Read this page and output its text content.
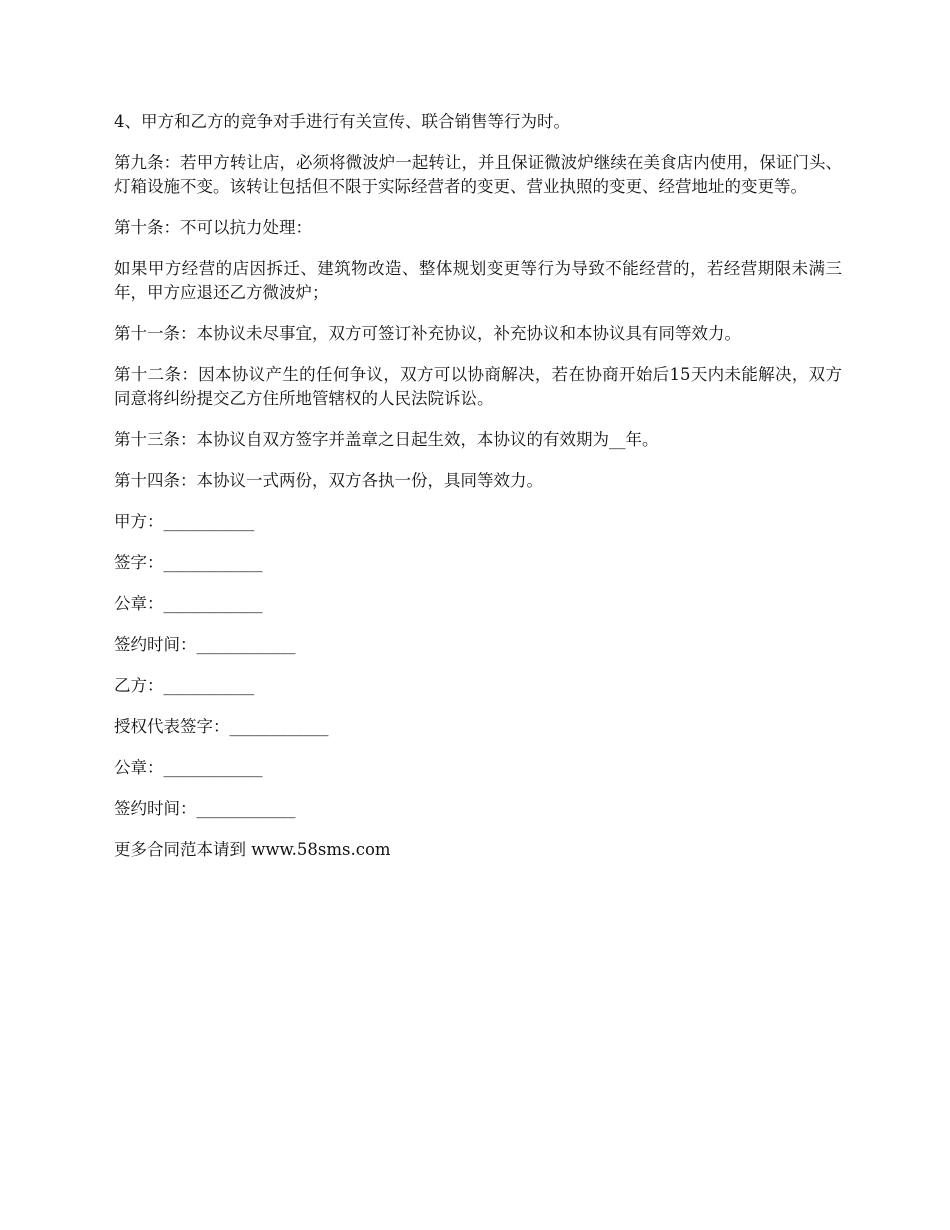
4、甲方和乙方的竞争对手进行有关宣传、联合销售等行为时。

第九条：若甲方转让店，必须将微波炉一起转让，并且保证微波炉继续在美食店内使用，保证门头、灯箱设施不变。该转让包括但不限于实际经营者的变更、营业执照的变更、经营地址的变更等。

第十条：不可以抗力处理：

如果甲方经营的店因拆迁、建筑物改造、整体规划变更等行为导致不能经营的，若经营期限未满三年，甲方应退还乙方微波炉；

第十一条：本协议未尽事宜，双方可签订补充协议，补充协议和本协议具有同等效力。

第十二条：因本协议产生的任何争议，双方可以协商解决，若在协商开始后15天内未能解决，双方同意将纠纷提交乙方住所地管辖权的人民法院诉讼。

第十三条：本协议自双方签字并盖章之日起生效，本协议的有效期为__年。

第十四条：本协议一式两份，双方各执一份，具同等效力。

甲方：___________

签字：____________

公章：____________

签约时间：____________

乙方：___________

授权代表签字：____________

公章：____________

签约时间：____________

更多合同范本请到 www.58sms.com
